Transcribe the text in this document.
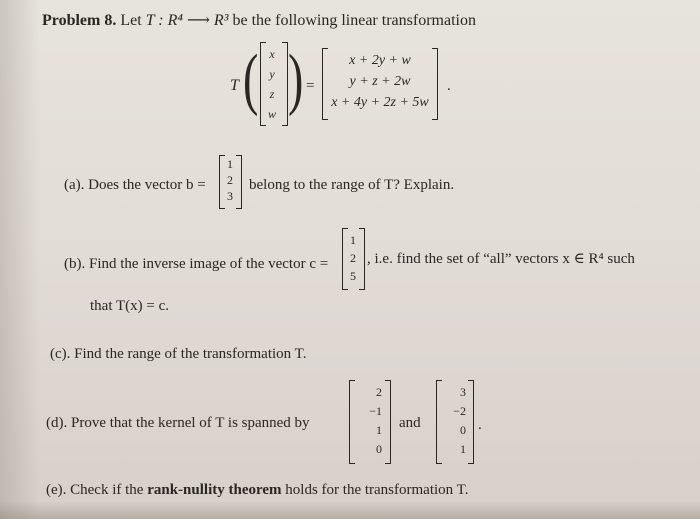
Problem 8. Let T : R⁴ ⟶ R³ be the following linear transformation
T ( x
y
z
w ) =
x + 2y + w
y + z + 2w
x + 4y + 2z + 5w
.
(a). Does the vector b =
1
2
3
belong to the range of T? Explain.
(b). Find the inverse image of the vector c =
1
2
5
, i.e. find the set of “all” vectors x ∈ R⁴ such
that T(x) = c.
(c). Find the range of the transformation T.
(d). Prove that the kernel of T is spanned by
2
−1
1
0
and
3
−2
0
1
.
(e). Check if the rank-nullity theorem holds for the transformation T.
